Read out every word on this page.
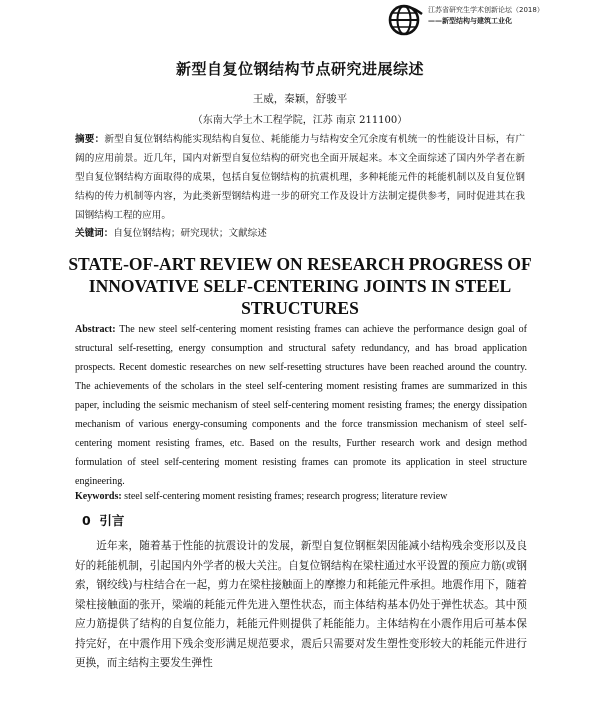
江苏省研究生学术创新论坛（2018）
——新型结构与建筑工业化
新型自复位钢结构节点研究进展综述
王威，秦颖，舒骏平
（东南大学土木工程学院，江苏 南京 211100）
摘要：新型自复位钢结构能实现结构自复位、耗能能力与结构安全冗余度有机统一的性能设计目标，有广阔的应用前景。近几年，国内对新型自复位结构的研究也全面开展起来。本文全面综述了国内外学者在新型自复位钢结构方面取得的成果，包括自复位钢结构的抗震机理，多种耗能元件的耗能机制以及自复位钢结构的传力机制等内容，为此类新型钢结构进一步的研究工作及设计方法制定提供参考，同时促进其在我国钢结构工程的应用。
关键词：自复位钢结构；研究现状；文献综述
STATE-OF-ART REVIEW ON RESEARCH PROGRESS OF INNOVATIVE SELF-CENTERING JOINTS IN STEEL STRUCTURES
Abstract: The new steel self-centering moment resisting frames can achieve the performance design goal of structural self-resetting, energy consumption and structural safety redundancy, and has broad application prospects. Recent domestic researches on new self-resetting structures have been reached around the country. The achievements of the scholars in the steel self-centering moment resisting frames are summarized in this paper, including the seismic mechanism of steel self-centering moment resisting frames; the energy dissipation mechanism of various energy-consuming components and the force transmission mechanism of steel self-centering moment resisting frames, etc. Based on the results, Further research work and design method formulation of steel self-centering moment resisting frames can promote its application in steel structure engineering.
Keywords: steel self-centering moment resisting frames; research progress; literature review
0 引言
近年来，随着基于性能的抗震设计的发展，新型自复位钢框架因能减小结构残余变形以及良好的耗能机制，引起国内外学者的极大关注。自复位钢结构在梁柱通过水平设置的预应力筋(或钢索，钢绞线)与柱结合在一起，剪力在梁柱接触面上的摩擦力和耗能元件承担。地震作用下，随着梁柱接触面的张开，梁端的耗能元件先进入塑性状态，而主体结构基本仍处于弹性状态。其中预应力筋提供了结构的自复位能力，耗能元件则提供了耗能能力。主体结构在小震作用后可基本保持完好，在中震作用下残余变形满足规范要求，震后只需要对发生塑性变形较大的耗能元件进行更换，而主结构主要发生弹性
